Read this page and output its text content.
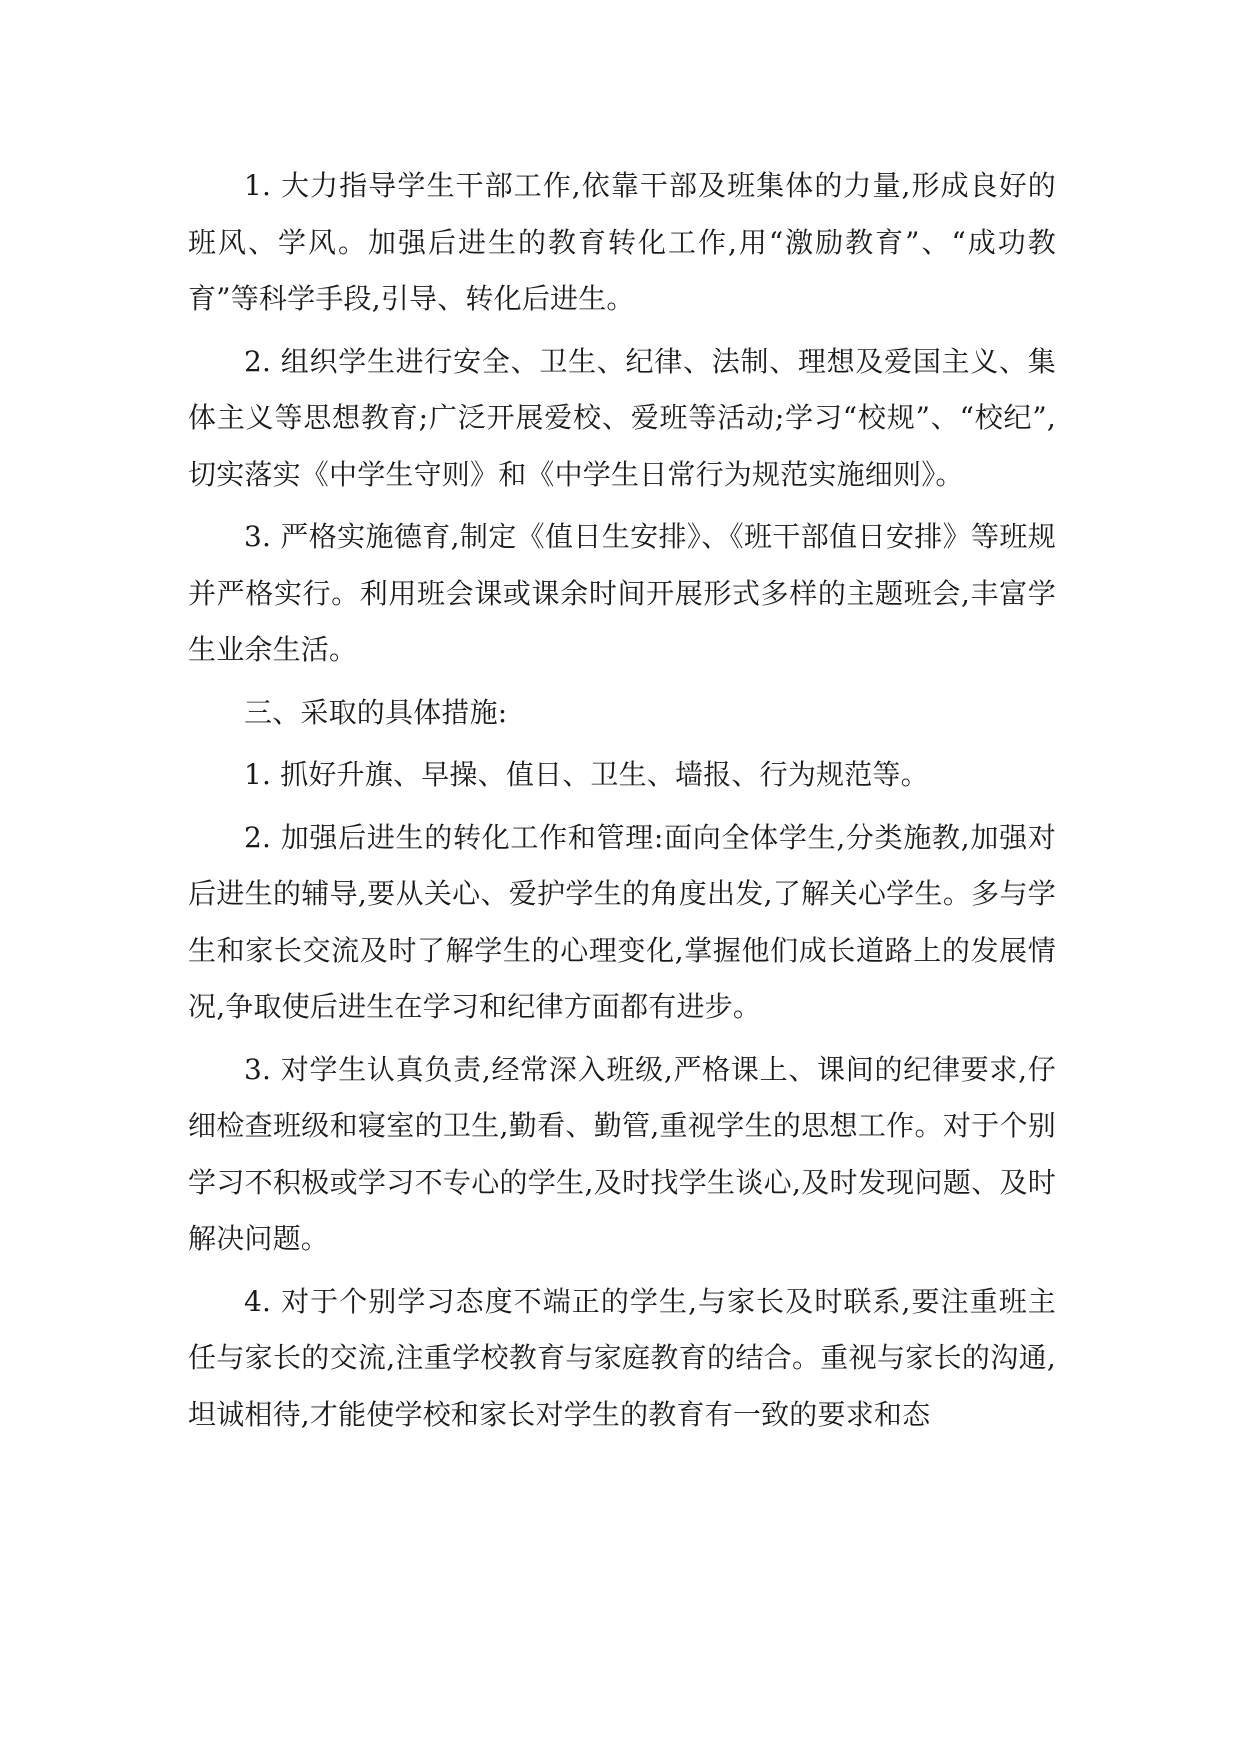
1. 大力指导学生干部工作,依靠干部及班集体的力量,形成良好的班风、学风。加强后进生的教育转化工作,用“激励教育”、“成功教育”等科学手段,引导、转化后进生。

2. 组织学生进行安全、卫生、纪律、法制、理想及爱国主义、集体主义等思想教育;广泛开展爱校、爱班等活动;学习“校规”、“校纪”,切实落实《中学生守则》和《中学生日常行为规范实施细则》。

3. 严格实施德育,制定《值日生安排》、《班干部值日安排》等班规并严格实行。利用班会课或课余时间开展形式多样的主题班会,丰富学生业余生活。

三、采取的具体措施:

1. 抓好升旗、早操、值日、卫生、墙报、行为规范等。

2. 加强后进生的转化工作和管理:面向全体学生,分类施教,加强对后进生的辅导,要从关心、爱护学生的角度出发,了解关心学生。多与学生和家长交流及时了解学生的心理变化,掌握他们成长道路上的发展情况,争取使后进生在学习和纪律方面都有进步。

3. 对学生认真负责,经常深入班级,严格课上、课间的纪律要求,仔细检查班级和寝室的卫生,勤看、勤管,重视学生的思想工作。对于个别学习不积极或学习不专心的学生,及时找学生谈心,及时发现问题、及时解决问题。

4. 对于个别学习态度不端正的学生,与家长及时联系,要注重班主任与家长的交流,注重学校教育与家庭教育的结合。重视与家长的沟通,坦诚相待,才能使学校和家长对学生的教育有一致的要求和态
